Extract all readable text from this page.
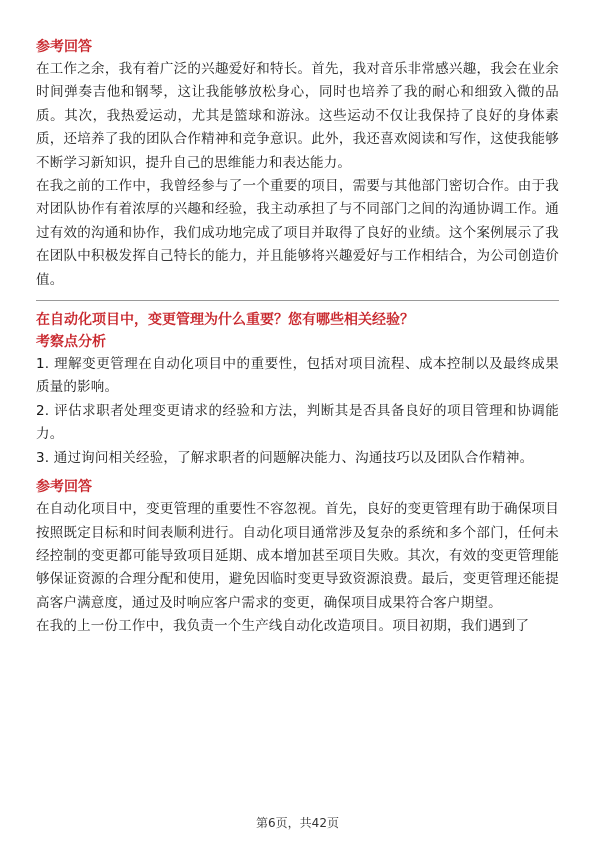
参考回答

在工作之余，我有着广泛的兴趣爱好和特长。首先，我对音乐非常感兴趣，我会在业余时间弹奏吉他和钢琴，这让我能够放松身心，同时也培养了我的耐心和细致入微的品质。其次，我热爱运动，尤其是篮球和游泳。这些运动不仅让我保持了良好的身体素质，还培养了我的团队合作精神和竞争意识。此外，我还喜欢阅读和写作，这使我能够不断学习新知识，提升自己的思维能力和表达能力。

在我之前的工作中，我曾经参与了一个重要的项目，需要与其他部门密切合作。由于我对团队协作有着浓厚的兴趣和经验，我主动承担了与不同部门之间的沟通协调工作。通过有效的沟通和协作，我们成功地完成了项目并取得了良好的业绩。这个案例展示了我在团队中积极发挥自己特长的能力，并且能够将兴趣爱好与工作相结合，为公司创造价值。

在自动化项目中，变更管理为什么重要？您有哪些相关经验？

考察点分析

1. 理解变更管理在自动化项目中的重要性，包括对项目流程、成本控制以及最终成果质量的影响。

2. 评估求职者处理变更请求的经验和方法，判断其是否具备良好的项目管理和协调能力。

3. 通过询问相关经验，了解求职者的问题解决能力、沟通技巧以及团队合作精神。

参考回答

在自动化项目中，变更管理的重要性不容忽视。首先，良好的变更管理有助于确保项目按照既定目标和时间表顺利进行。自动化项目通常涉及复杂的系统和多个部门，任何未经控制的变更都可能导致项目延期、成本增加甚至项目失败。其次，有效的变更管理能够保证资源的合理分配和使用，避免因临时变更导致资源浪费。最后，变更管理还能提高客户满意度，通过及时响应客户需求的变更，确保项目成果符合客户期望。

在我的上一份工作中，我负责一个生产线自动化改造项目。项目初期，我们遇到了

第6页，共42页
